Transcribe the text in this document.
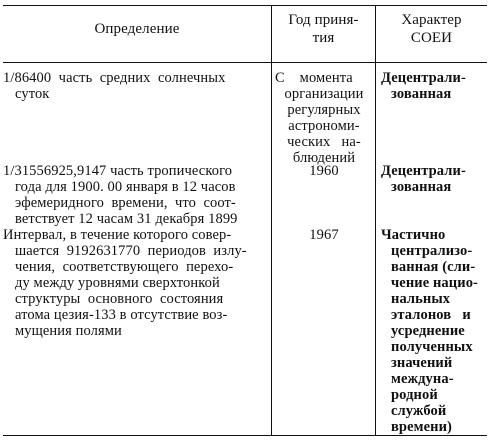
Определение
Год приня-
тия
Характер
СОЕИ
1/86400  часть  средних  солнечных
суток
С    момента
организации
регулярных
астрономи-
ческих   на-
блюдений
Децентрали-
зованная
1/31556925,9147 часть тропического
года для 1900. 00 января в 12 часов
эфемеридного  времени,  что  соот-
ветствует 12 часам 31 декабря 1899
1960	Децентрали-
зованная
Интервал, в течение которого совер-
шается  9192631770  периодов  излу-
чения,  соответствующего  перехо-
ду между уровнями сверхтонкой
структуры  основного  состояния
атома цезия-133 в отсутствие воз-
мущения полями
1967	Частично
централизо-
ванная (сли-
чение нацио-
нальных
эталонов   и
усреднение
полученных
значений
междуна-
родной
службой
времени)
